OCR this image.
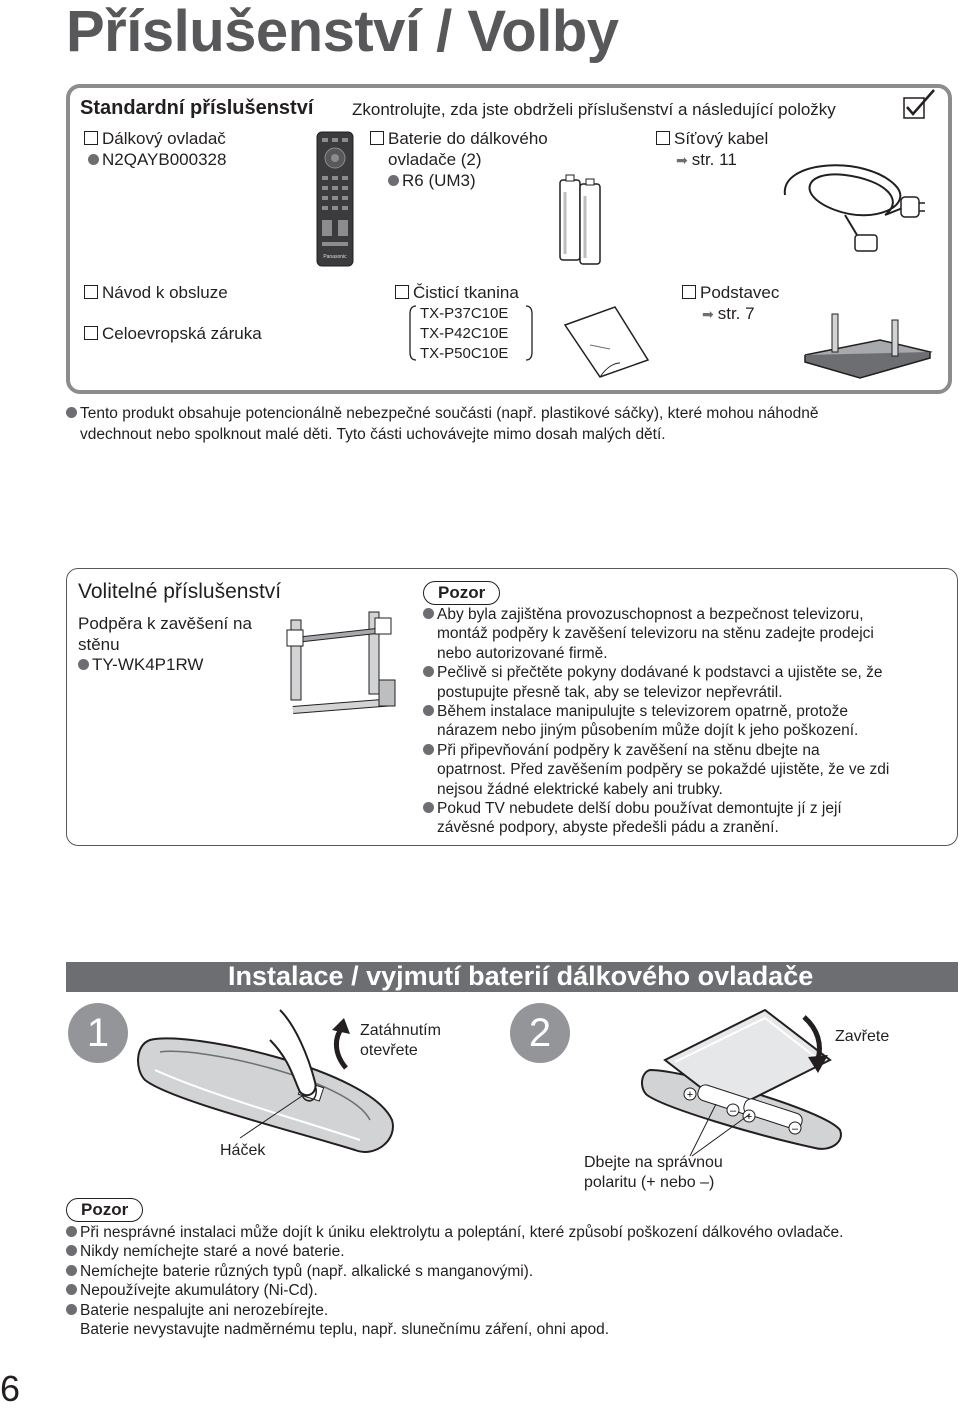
Příslušenství / Volby
Standardní příslušenství Zkontrolujte, zda jste obdrželi příslušenství a následující položky
Dálkový ovladač
N2QAYB000328
Panasonic
Baterie do dálkového
ovladače (2)
R6 (UM3)
Síťový kabel
➡ str. 11
Návod k obsluze
Celoevropská záruka
Čisticí tkanina
TX-P37C10E
TX-P42C10E
TX-P50C10E
Podstavec
➡ str. 7
Tento produkt obsahuje potencionálně nebezpečné součásti (např. plastikové sáčky), které mohou náhodně
vdechnout nebo spolknout malé děti. Tyto části uchovávejte mimo dosah malých dětí.
Volitelné příslušenství
Podpěra k zavěšení na
stěnu
TY-WK4P1RW
Pozor
Aby byla zajištěna provozuschopnost a bezpečnost televizoru,
montáž podpěry k zavěšení televizoru na stěnu zadejte prodejci
nebo autorizované firmě.
Pečlivě si přečtěte pokyny dodávané k podstavci a ujistěte se, že
postupujte přesně tak, aby se televizor nepřevrátil.
Během instalace manipulujte s televizorem opatrně, protože
nárazem nebo jiným působením může dojít k jeho poškození.
Při připevňování podpěry k zavěšení na stěnu dbejte na
opatrnost. Před zavěšením podpěry se pokaždé ujistěte, že ve zdi
nejsou žádné elektrické kabely ani trubky.
Pokud TV nebudete delší dobu používat demontujte jí z její
závěsné podpory, abyste předešli pádu a zranění.
Instalace / vyjmutí baterií dálkového ovladače
1	2
Zatáhnutím
otevřete
Háček
+
– +
–
Zavřete
Dbejte na správnou
polaritu (+ nebo –)
Pozor
Při nesprávné instalaci může dojít k úniku elektrolytu a poleptání, které způsobí poškození dálkového ovladače.
Nikdy nemíchejte staré a nové baterie.
Nemíchejte baterie různých typů (např. alkalické s manganovými).
Nepoužívejte akumulátory (Ni-Cd).
Baterie nespalujte ani nerozebírejte.
Baterie nevystavujte nadměrnému teplu, např. slunečnímu záření, ohni apod.
6
